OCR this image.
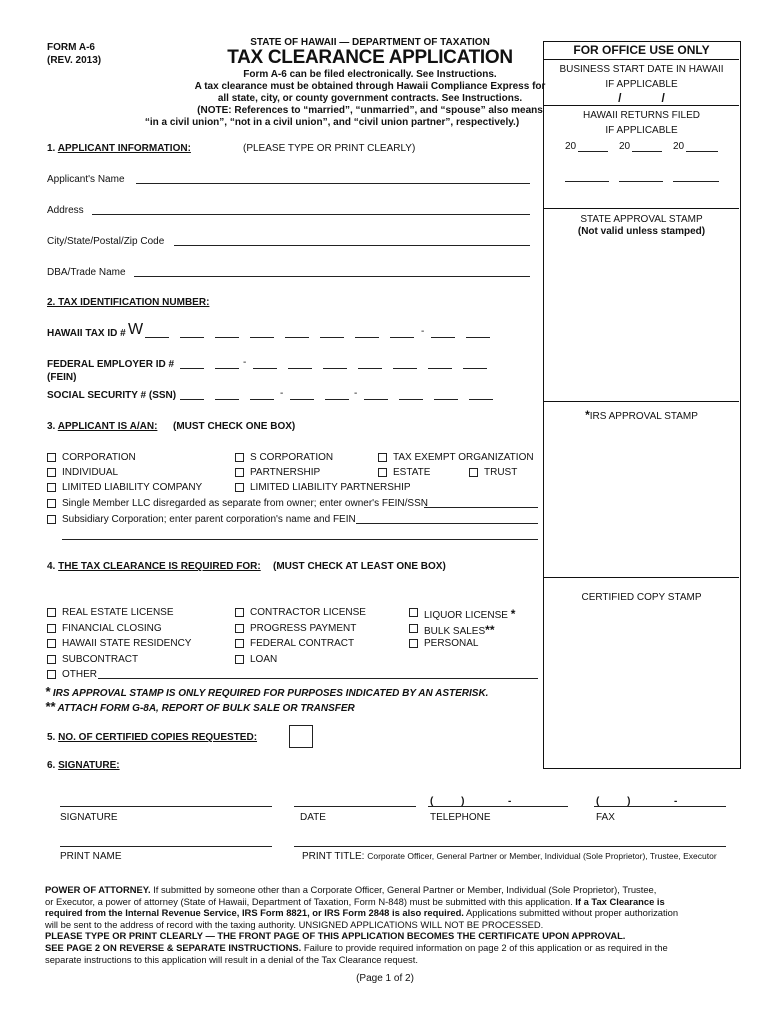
FORM A-6
(REV. 2013)
STATE OF HAWAII — DEPARTMENT OF TAXATION
TAX CLEARANCE APPLICATION
Form A-6 can be filed electronically. See Instructions.
A tax clearance must be obtained through Hawaii Compliance Express for
all state, city, or county government contracts. See Instructions.
(NOTE: References to “married”, “unmarried”, and “spouse” also means
“in a civil union”, “not in a civil union”, and “civil union partner”, respectively.)
FOR OFFICE USE ONLY
BUSINESS START DATE IN HAWAII
IF APPLICABLE
/            /
HAWAII RETURNS FILED
IF APPLICABLE
20	20	20
STATE APPROVAL STAMP
(Not valid unless stamped)
*IRS APPROVAL STAMP
CERTIFIED COPY STAMP
1. APPLICANT INFORMATION:	(PLEASE TYPE OR PRINT CLEARLY)
Applicant's Name
Address
City/State/Postal/Zip Code
DBA/Trade Name
2. TAX IDENTIFICATION NUMBER:
HAWAII TAX ID # W	-
FEDERAL EMPLOYER ID #
(FEIN)
-
SOCIAL SECURITY # (SSN)	-	-
3. APPLICANT IS A/AN: (MUST CHECK ONE BOX)
CORPORATION	S CORPORATION	TAX EXEMPT ORGANIZATION
INDIVIDUAL	PARTNERSHIP	ESTATE	TRUST
LIMITED LIABILITY COMPANY	LIMITED LIABILITY PARTNERSHIP
Single Member LLC disregarded as separate from owner; enter owner's FEIN/SSN
Subsidiary Corporation; enter parent corporation's name and FEIN
4. THE TAX CLEARANCE IS REQUIRED FOR: (MUST CHECK AT LEAST ONE BOX)
REAL ESTATE LICENSE	CONTRACTOR LICENSE	LIQUOR LICENSE *
FINANCIAL CLOSING	PROGRESS PAYMENT	BULK SALES**
HAWAII STATE RESIDENCY	FEDERAL CONTRACT	PERSONAL
SUBCONTRACT	LOAN
OTHER
* IRS APPROVAL STAMP IS ONLY REQUIRED FOR PURPOSES INDICATED BY AN ASTERISK.
** ATTACH FORM G-8A, REPORT OF BULK SALE OR TRANSFER
5. NO. OF CERTIFIED COPIES REQUESTED:
6. SIGNATURE:
(          )	-	(          )	-
SIGNATURE	DATE	TELEPHONE	FAX
PRINT NAME	PRINT TITLE: Corporate Officer, General Partner or Member, Individual (Sole Proprietor), Trustee, Executor
POWER OF ATTORNEY. If submitted by someone other than a Corporate Officer, General Partner or Member, Individual (Sole Proprietor), Trustee,
or Executor, a power of attorney (State of Hawaii, Department of Taxation, Form N-848) must be submitted with this application. If a Tax Clearance is
required from the Internal Revenue Service, IRS Form 8821, or IRS Form 2848 is also required. Applications submitted without proper authorization
will be sent to the address of record with the taxing authority. UNSIGNED APPLICATIONS WILL NOT BE PROCESSED.
PLEASE TYPE OR PRINT CLEARLY — THE FRONT PAGE OF THIS APPLICATION BECOMES THE CERTIFICATE UPON APPROVAL.
SEE PAGE 2 ON REVERSE & SEPARATE INSTRUCTIONS. Failure to provide required information on page 2 of this application or as required in the
separate instructions to this application will result in a denial of the Tax Clearance request.
(Page 1 of 2)
